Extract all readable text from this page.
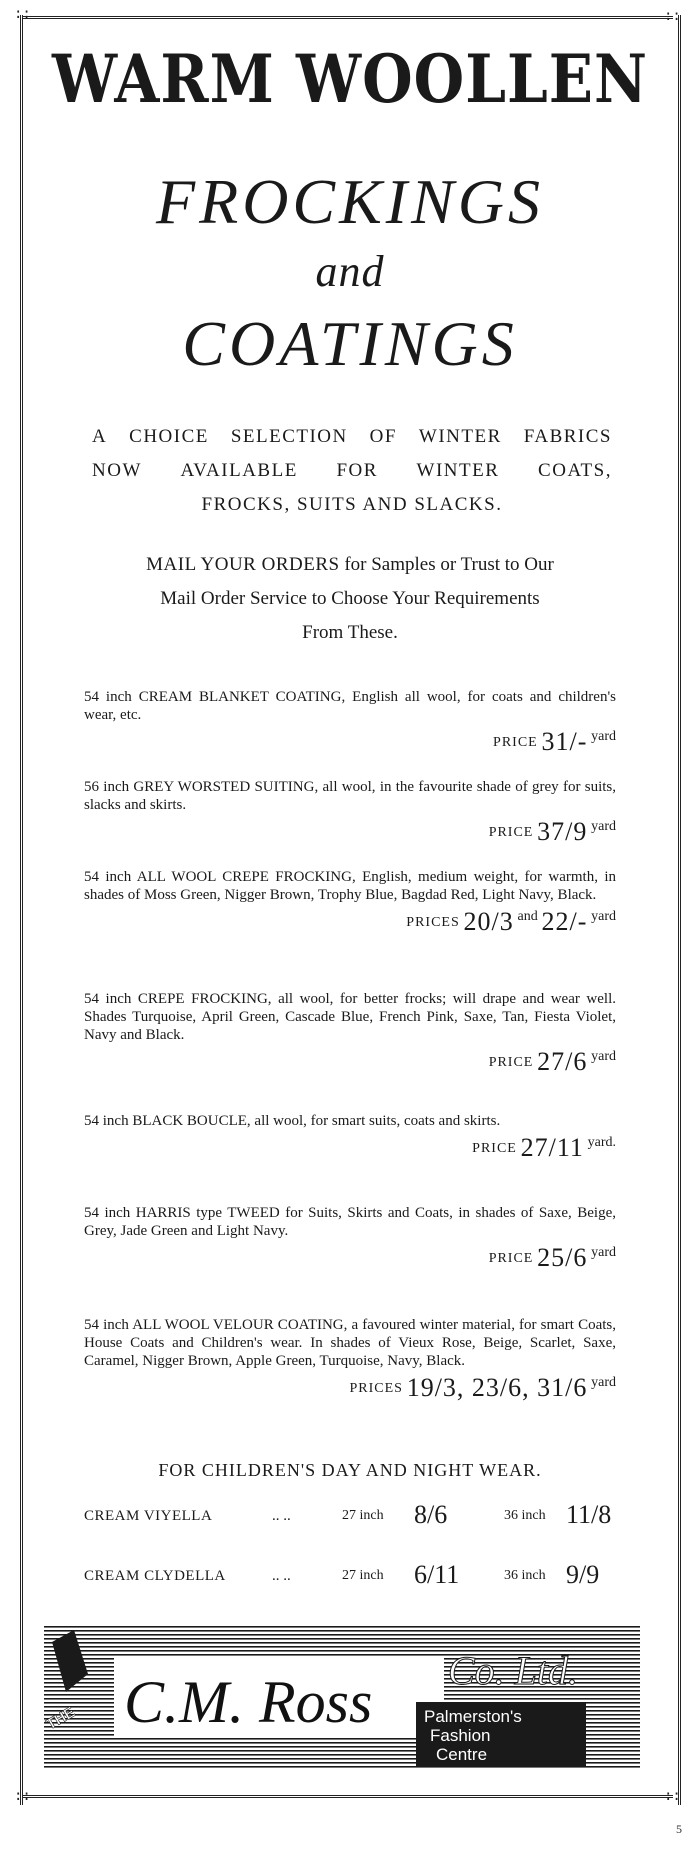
::	::
::	::
WARM WOOLLEN
FROCKINGS
and
COATINGS
A CHOICE SELECTION OF WINTER FABRICS
NOW AVAILABLE FOR WINTER COATS,
FROCKS, SUITS AND SLACKS.
MAIL YOUR ORDERS for Samples or Trust to Our
Mail Order Service to Choose Your Requirements
From These.
54 inch CREAM BLANKET COATING, English all wool, for coats and children's wear, etc.
PRICE 31/- yard
56 inch GREY WORSTED SUITING, all wool, in the favourite shade of grey for suits, slacks and skirts.
PRICE 37/9 yard
54 inch ALL WOOL CREPE FROCKING, English, medium weight, for warmth, in shades of Moss Green, Nigger Brown, Trophy Blue, Bagdad Red, Light Navy, Black.
PRICES 20/3 and 22/- yard
54 inch CREPE FROCKING, all wool, for better frocks; will drape and wear well. Shades Turquoise, April Green, Cascade Blue, French Pink, Saxe, Tan, Fiesta Violet, Navy and Black.
PRICE 27/6 yard
54 inch BLACK BOUCLE, all wool, for smart suits, coats and skirts.
PRICE 27/11 yard.
54 inch HARRIS type TWEED for Suits, Skirts and Coats, in shades of Saxe, Beige, Grey, Jade Green and Light Navy.
PRICE 25/6 yard
54 inch ALL WOOL VELOUR COATING, a favoured winter material, for smart Coats, House Coats and Children's wear. In shades of Vieux Rose, Beige, Scarlet, Saxe, Caramel, Nigger Brown, Apple Green, Turquoise, Navy, Black.
PRICES 19/3, 23/6, 31/6 yard
FOR CHILDREN'S DAY AND NIGHT WEAR.
CREAM VIYELLA	.. ..	27 inch 8/6	36 inch 11/8
CREAM CLYDELLA	.. ..	27 inch 6/11	36 inch 9/9
THE C.M. Ross Co. Ltd.
Palmerston's
Fashion
Centre
5
